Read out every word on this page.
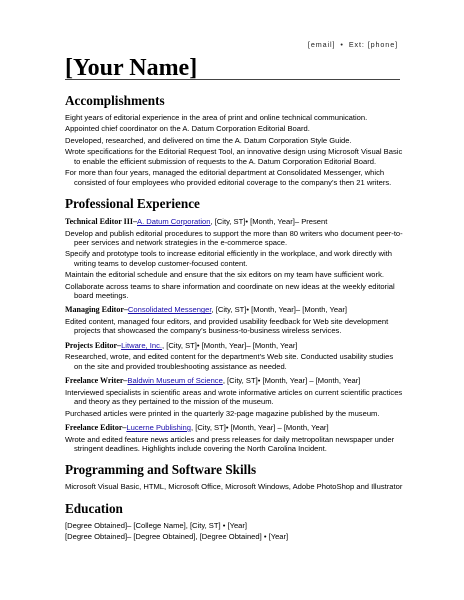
[email] • Ext: [phone]
[Your Name]
Accomplishments

Eight years of editorial experience in the area of print and online technical communication.

Appointed chief coordinator on the A. Datum Corporation Editorial Board.

Developed, researched, and delivered on time the A. Datum Corporation Style Guide.

Wrote specifications for the Editorial Request Tool, an innovative design using Microsoft Visual Basic to enable the efficient submission of requests to the A. Datum Corporation Editorial Board.

For more than four years, managed the editorial department at Consolidated Messenger, which consisted of four employees who provided editorial coverage to the company’s then 21 writers.

Professional Experience
Technical Editor III–A. Datum Corporation, [City, ST]• [Month, Year]– Present

Develop and publish editorial procedures to support the more than 80 writers who document peer-to-peer services and network strategies in the e-commerce space.

Specify and prototype tools to increase editorial efficiently in the workplace, and work directly with writing teams to develop customer-focused content.

Maintain the editorial schedule and ensure that the six editors on my team have sufficient work.

Collaborate across teams to share information and coordinate on new ideas at the weekly editorial board meetings.

Managing Editor–Consolidated Messenger, [City, ST]• [Month, Year]– [Month, Year]

Edited content, managed four editors, and provided usability feedback for Web site development projects that showcased the company’s business-to-business wireless services.

Projects Editor–Litware, Inc., [City, ST]• [Month, Year]– [Month, Year]

Researched, wrote, and edited content for the department’s Web site. Conducted usability studies on the site and provided troubleshooting assistance as needed.

Freelance Writer–Baldwin Museum of Science, [City, ST]• [Month, Year] – [Month, Year]

Interviewed specialists in scientific areas and wrote informative articles on current scientific practices and theory as they pertained to the mission of the museum.

Purchased articles were printed in the quarterly 32-page magazine published by the museum.

Freelance Editor–Lucerne Publishing, [City, ST]• [Month, Year] – [Month, Year]

Wrote and edited feature news articles and press releases for daily metropolitan newspaper under stringent deadlines. Highlights include covering the North Carolina Incident.

Programming and Software Skills

Microsoft Visual Basic, HTML, Microsoft Office, Microsoft Windows, Adobe PhotoShop and Illustrator

Education

[Degree Obtained]– [College Name], [City, ST] • [Year]

[Degree Obtained]– [Degree Obtained], [Degree Obtained] • [Year]
